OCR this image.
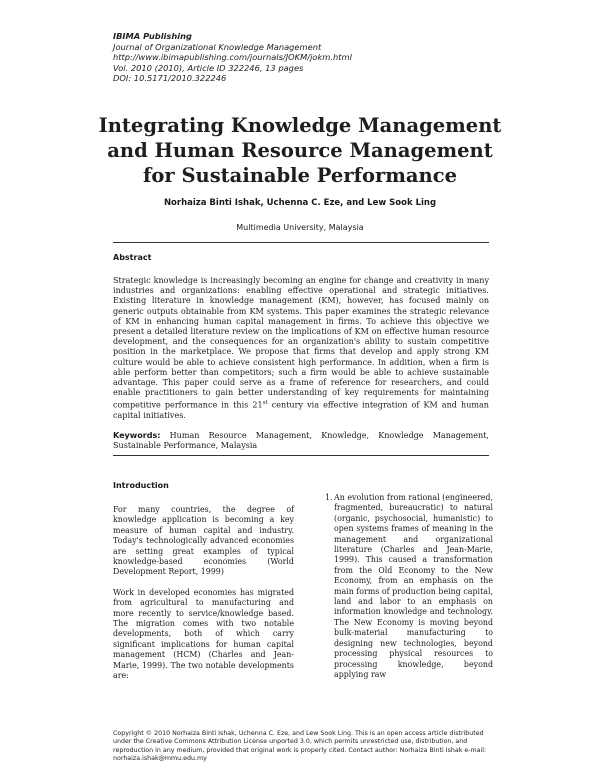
IBIMA Publishing
Journal of Organizational Knowledge Management
http://www.ibimapublishing.com/journals/JOKM/jokm.html
Vol. 2010 (2010), Article ID 322246, 13 pages
DOI: 10.5171/2010.322246
Integrating Knowledge Management
and Human Resource Management
for Sustainable Performance
Norhaiza Binti Ishak, Uchenna C. Eze, and Lew Sook Ling
Multimedia University, Malaysia
Abstract
Strategic knowledge is increasingly becoming an engine for change and creativity in many industries and organizations: enabling effective operational and strategic initiatives. Existing literature in knowledge management (KM), however, has focused mainly on generic outputs obtainable from KM systems. This paper examines the strategic relevance of KM in enhancing human capital management in firms. To achieve this objective we present a detailed literature review on the implications of KM on effective human resource development, and the consequences for an organization's ability to sustain competitive position in the marketplace. We propose that firms that develop and apply strong KM culture would be able to achieve consistent high performance. In addition, when a firm is able perform better than competitors; such a firm would be able to achieve sustainable advantage. This paper could serve as a frame of reference for researchers, and could enable practitioners to gain better understanding of key requirements for maintaining competitive performance in this 21st century via effective integration of KM and human capital initiatives.
Keywords: Human Resource Management, Knowledge, Knowledge Management, Sustainable Performance, Malaysia
Introduction

For many countries, the degree of knowledge application is becoming a key measure of human capital and industry. Today's technologically advanced economies are setting great examples of typical knowledge-based economies (World Development Report, 1999)

Work in developed economies has migrated from agricultural to manufacturing and more recently to service/knowledge based. The migration comes with two notable developments, both of which carry significant implications for human capital management (HCM) (Charles and Jean-Marie, 1999). The two notable developments are:

1. An evolution from rational (engineered, fragmented, bureaucratic) to natural (organic, psychosocial, humanistic) to open systems frames of meaning in the management and organizational literature (Charles and Jean-Marie, 1999). This caused a transformation from the Old Economy to the New Economy, from an emphasis on the main forms of production being capital, land and labor to an emphasis on information knowledge and technology. The New Economy is moving beyond bulk-material manufacturing to designing new technologies, beyond processing physical resources to processing knowledge, beyond applying raw
Copyright © 2010 Norhaiza Binti Ishak, Uchenna C. Eze, and Lew Sook Ling. This is an open access article distributed under the Creative Commons Attribution License unported 3.0, which permits unrestricted use, distribution, and reproduction in any medium, provided that original work is properly cited. Contact author: Norhaiza Binti Ishak e-mail: norhaiza.ishak@mmu.edu.my
